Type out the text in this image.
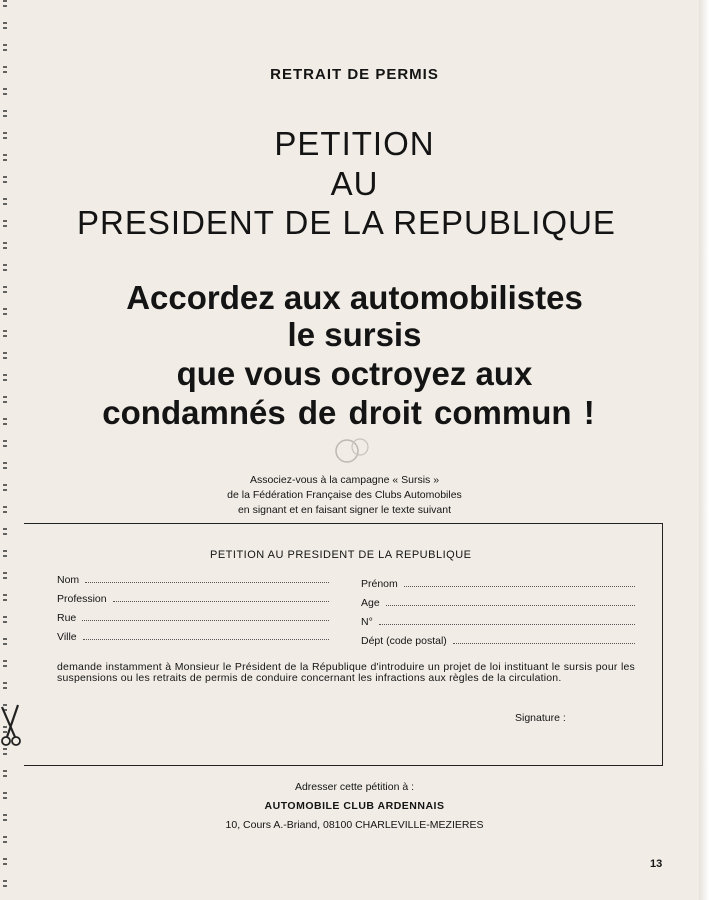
RETRAIT DE PERMIS
PETITION
AU
PRESIDENT DE LA REPUBLIQUE
Accordez aux automobilistes
le sursis
que vous octroyez aux
condamnés de droit commun !
Associez-vous à la campagne « Sursis »
de la Fédération Française des Clubs Automobiles
en signant et en faisant signer le texte suivant
PETITION AU PRESIDENT DE LA REPUBLIQUE
Nom
Profession
Rue
Ville
Prénom
Age
N°
Dépt (code postal)
demande instamment à Monsieur le Président de la République d'introduire un projet de loi instituant le sursis pour les suspensions ou les retraits de permis de conduire concernant les infractions aux règles de la circulation.
Signature :
Adresser cette pétition à :
AUTOMOBILE CLUB ARDENNAIS
10, Cours A.-Briand, 08100 CHARLEVILLE-MEZIERES
13
